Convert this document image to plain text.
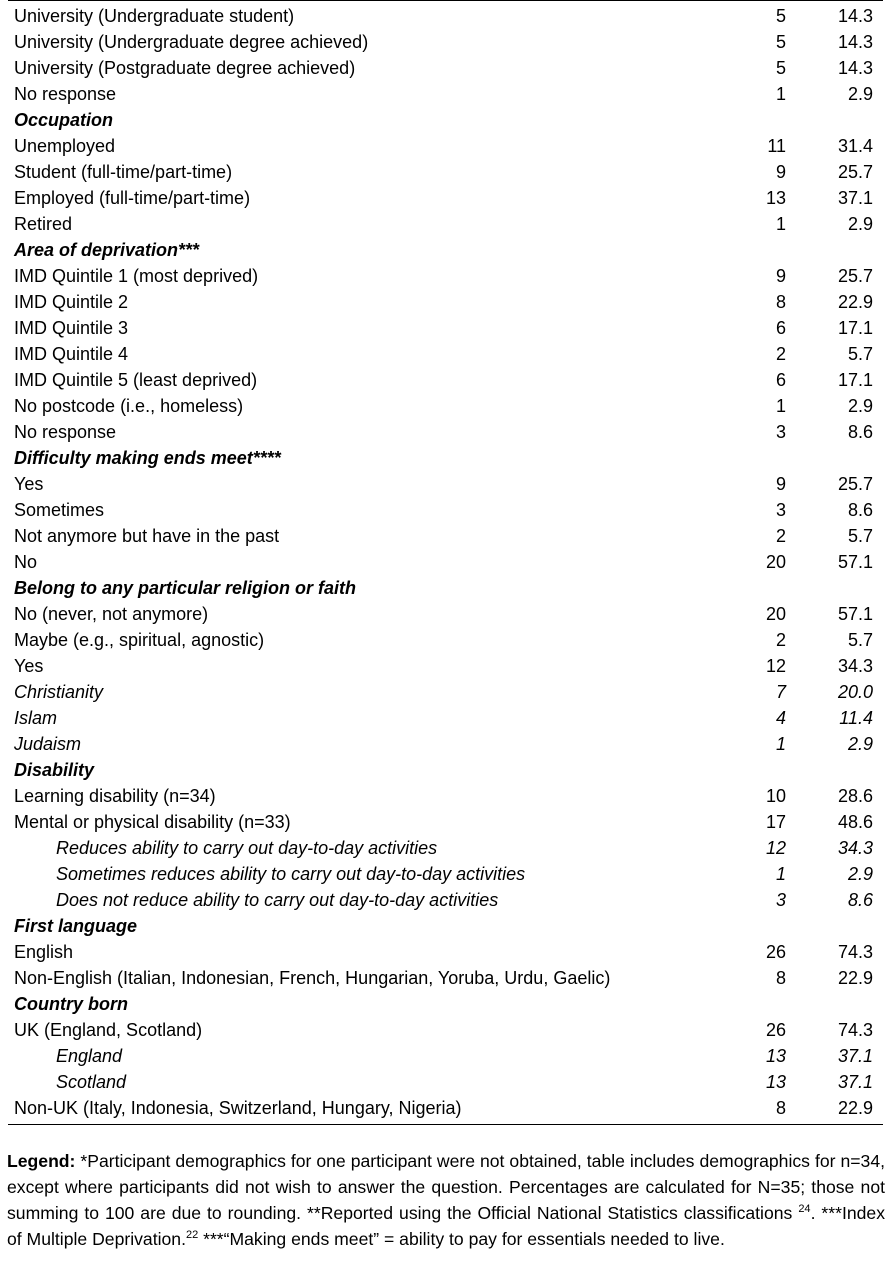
University (Undergraduate student)	5	14.3
University (Undergraduate degree achieved)	5	14.3
University (Postgraduate degree achieved)	5	14.3
No response	1	2.9
Occupation		
Unemployed	11	31.4
Student (full-time/part-time)	9	25.7
Employed (full-time/part-time)	13	37.1
Retired	1	2.9
Area of deprivation***		
IMD Quintile 1 (most deprived)	9	25.7
IMD Quintile 2	8	22.9
IMD Quintile 3	6	17.1
IMD Quintile 4	2	5.7
IMD Quintile 5 (least deprived)	6	17.1
No postcode (i.e., homeless)	1	2.9
No response	3	8.6
Difficulty making ends meet****		
Yes	9	25.7
Sometimes	3	8.6
Not anymore but have in the past	2	5.7
No	20	57.1
Belong to any particular religion or faith		
No (never, not anymore)	20	57.1
Maybe (e.g., spiritual, agnostic)	2	5.7
Yes	12	34.3
Christianity	7	20.0
Islam	4	11.4
Judaism	1	2.9
Disability		
Learning disability (n=34)	10	28.6
Mental or physical disability (n=33)	17	48.6
Reduces ability to carry out day-to-day activities	12	34.3
Sometimes reduces ability to carry out day-to-day activities	1	2.9
Does not reduce ability to carry out day-to-day activities	3	8.6
First language		
English	26	74.3
Non-English (Italian, Indonesian, French, Hungarian, Yoruba, Urdu, Gaelic)	8	22.9
Country born		
UK (England, Scotland)	26	74.3
England	13	37.1
Scotland	13	37.1
Non-UK (Italy, Indonesia, Switzerland, Hungary, Nigeria)	8	22.9
Legend: *Participant demographics for one participant were not obtained, table includes demographics for n=34, except where participants did not wish to answer the question. Percentages are calculated for N=35; those not summing to 100 are due to rounding. **Reported using the Official National Statistics classifications $^{24}$. ***Index of Multiple Deprivation.$^{22}$ ***“Making ends meet” = ability to pay for essentials needed to live.
